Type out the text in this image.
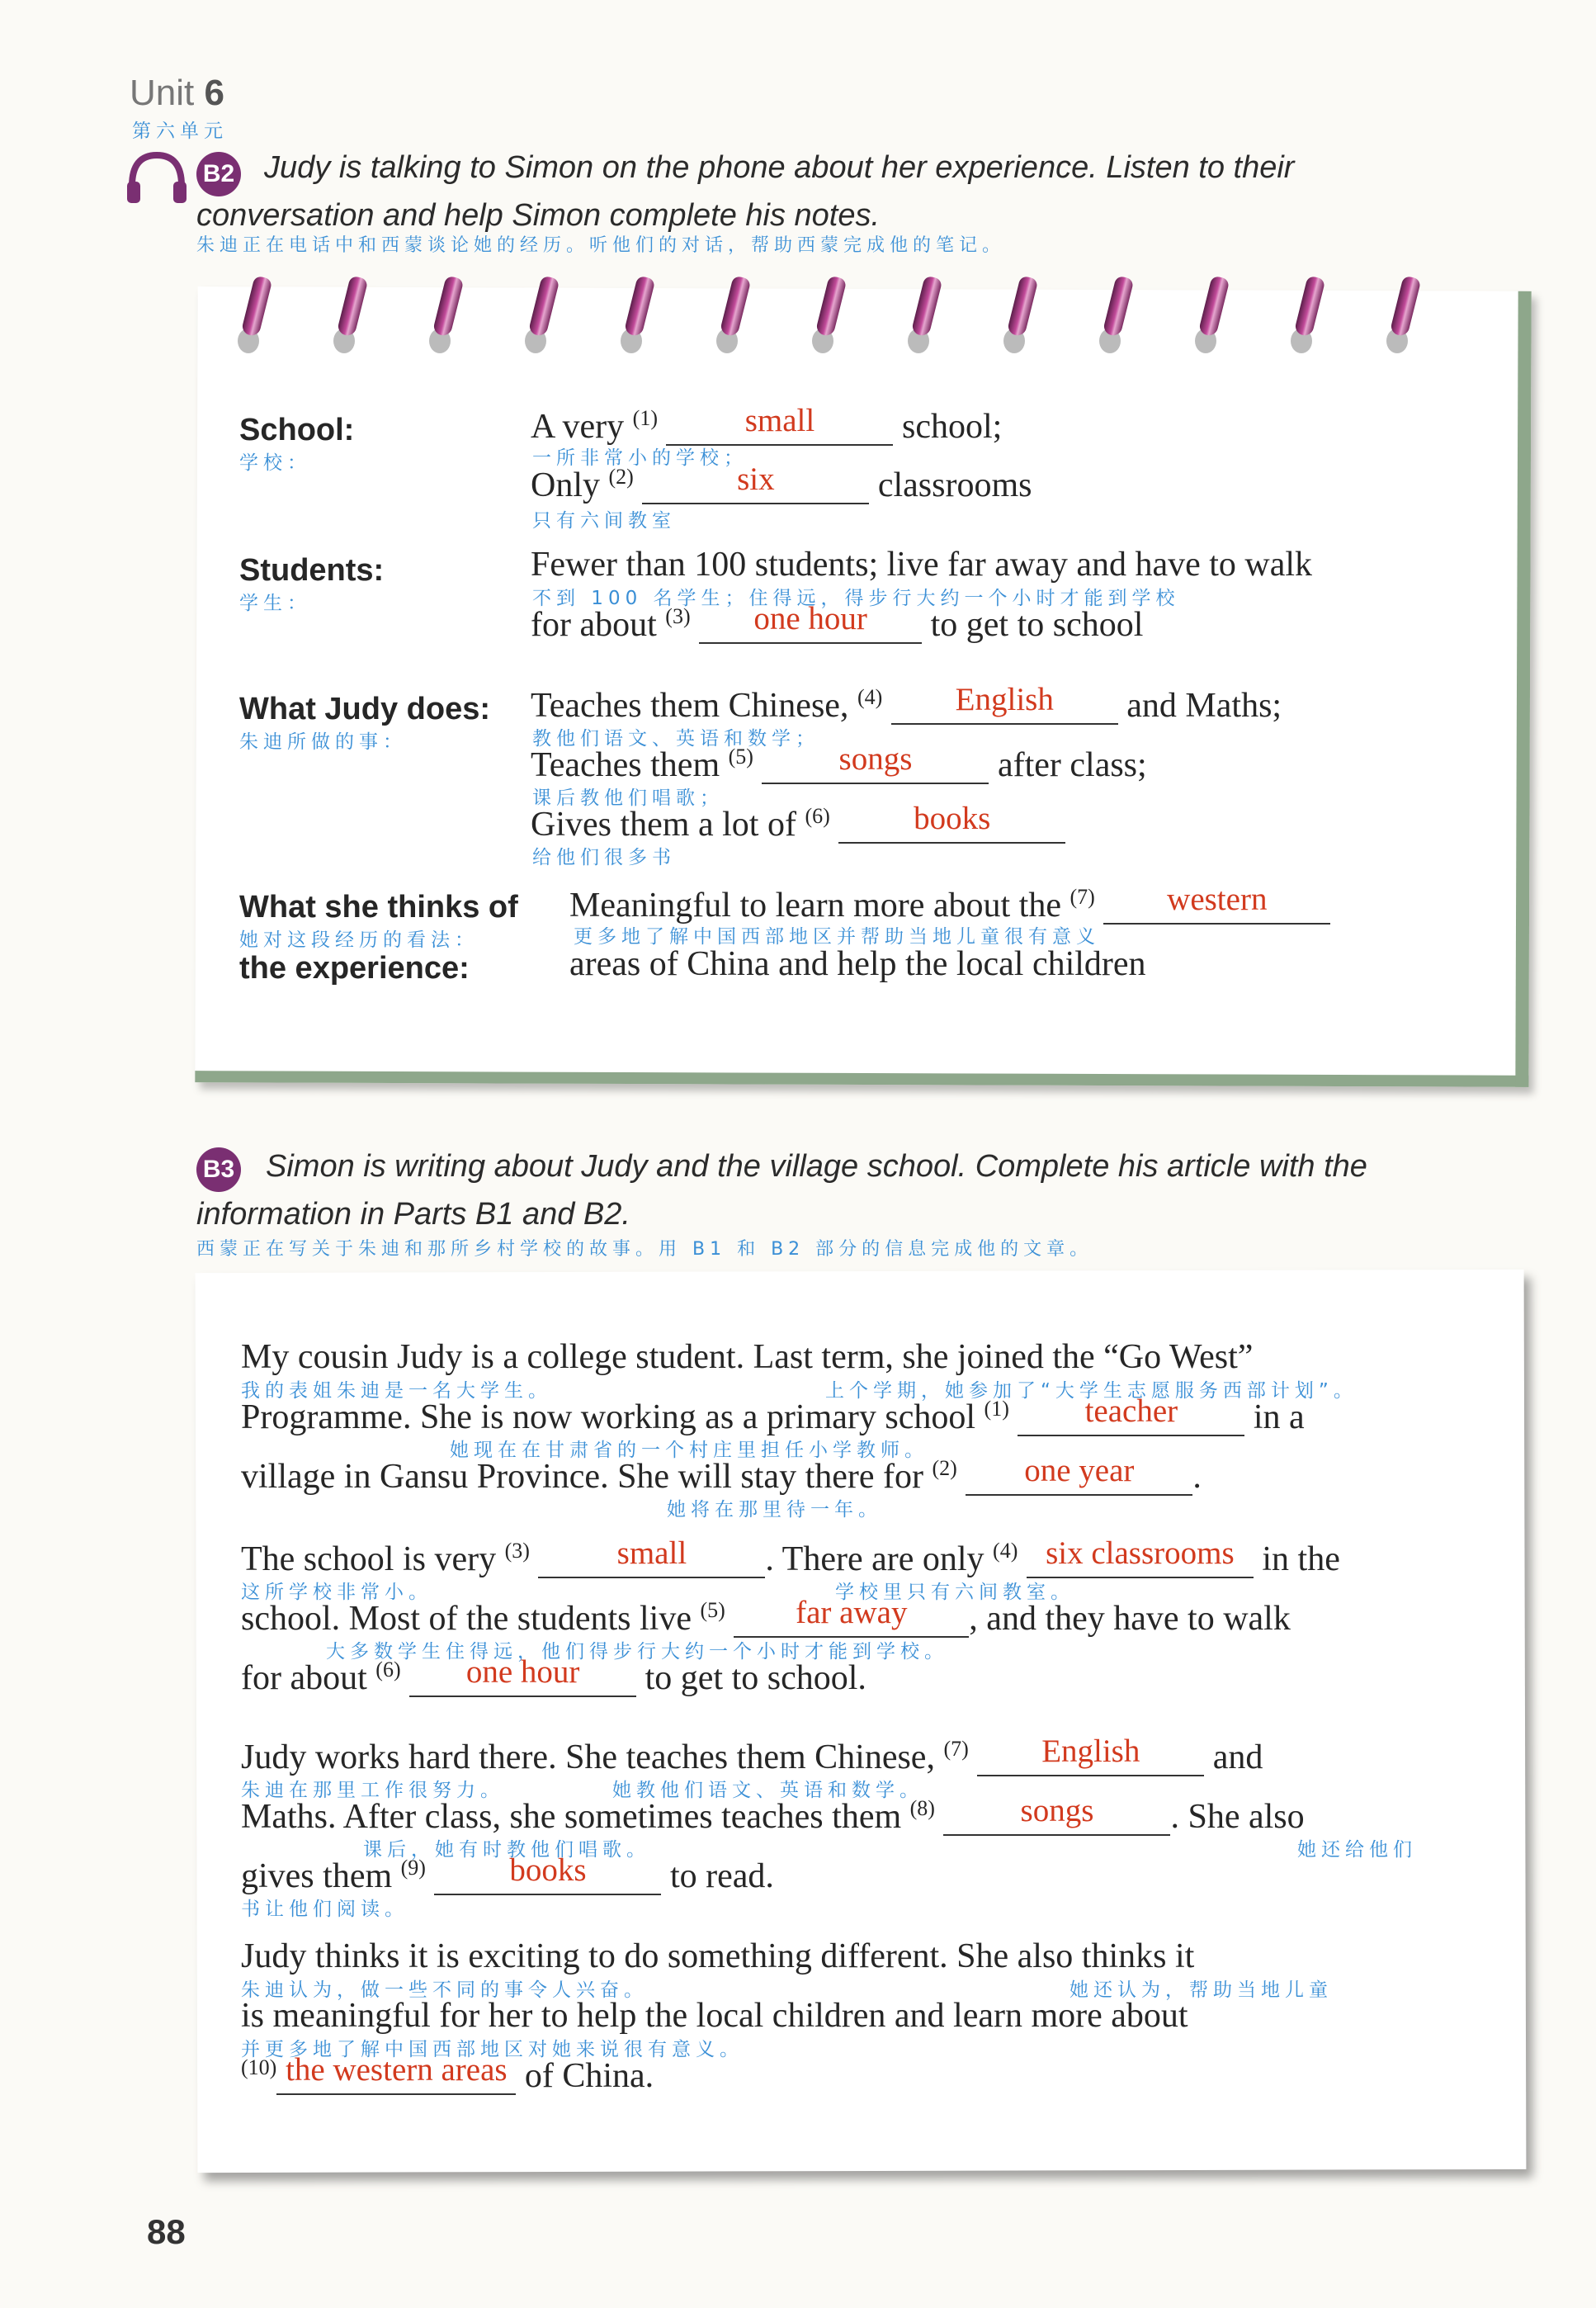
Unit 6
第六单元
B2 Judy is talking to Simon on the phone about her experience. Listen to their
conversation and help Simon complete his notes.
朱迪正在电话中和西蒙谈论她的经历。听他们的对话，帮助西蒙完成他的笔记。
School:
学校：
A very $^{(1)}$	small	school;
一所非常小的学校；
Only $^{(2)}$	six	classrooms
只有六间教室
Students:
学生：
Fewer than 100 students; live far away and have to walk
不到 100 名学生；住得远，得步行大约一个小时才能到学校
for about $^{(3)}$ one hour to get to school
What Judy does:
朱迪所做的事：
Teaches them Chinese, $^{(4)}$ English and Maths;
教他们语文、英语和数学；
Teaches them $^{(5)}$	songs after class;
课后教他们唱歌；
Gives them a lot of $^{(6)}$	books
给他们很多书
What she thinks of
她对这段经历的看法：
the experience:
Meaningful to learn more about the $^{(7)}$ western
更多地了解中国西部地区并帮助当地儿童很有意义
areas of China and help the local children
B3 Simon is writing about Judy and the village school. Complete his article with the
information in Parts B1 and B2.
西蒙正在写关于朱迪和那所乡村学校的故事。用 B1 和 B2 部分的信息完成他的文章。
My cousin Judy is a college student. Last term, she joined the “Go West”
我的表姐朱迪是一名大学生。	上个学期，她参加了“大学生志愿服务西部计划”。
Programme. She is now working as a primary school $^{(1)}$ teacher in a
她现在在甘肃省的一个村庄里担任小学教师。
village in Gansu Province. She will stay there for $^{(2)}$ one year .
她将在那里待一年。
The school is very $^{(3)}$	small . There are only $^{(4)}$ six classrooms in the
这所学校非常小。	学校里只有六间教室。
school. Most of the students live $^{(5)}$ far away , and they have to walk
大多数学生住得远，他们得步行大约一个小时才能到学校。
for about $^{(6)}$ one hour to get to school.
Judy works hard there. She teaches them Chinese, $^{(7)}$ English and
朱迪在那里工作很努力。	她教他们语文、英语和数学。
Maths. After class, she sometimes teaches them $^{(8)}$	songs . She also
课后，她有时教他们唱歌。	她还给他们
gives them $^{(9)}$	books to read.
书让他们阅读。
Judy thinks it is exciting to do something different. She also thinks it
朱迪认为，做一些不同的事令人兴奋。	她还认为，帮助当地儿童
is meaningful for her to help the local children and learn more about
并更多地了解中国西部地区对她来说很有意义。
$^{(10)}$ the western areas of China.
88
